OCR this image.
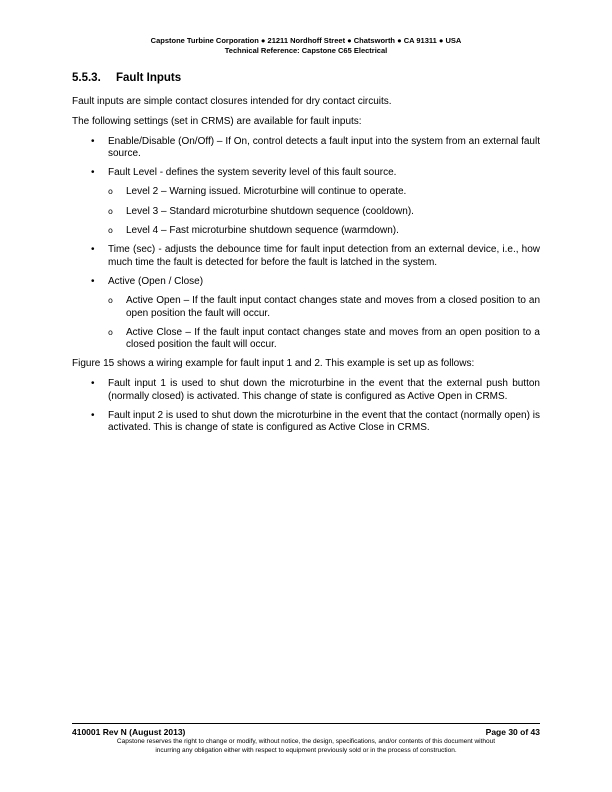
Capstone Turbine Corporation ● 21211 Nordhoff Street ● Chatsworth ● CA 91311 ● USA
Technical Reference: Capstone C65 Electrical
5.5.3. Fault Inputs

Fault inputs are simple contact closures intended for dry contact circuits.

The following settings (set in CRMS) are available for fault inputs:

• Enable/Disable (On/Off) – If On, control detects a fault input into the system from an external fault source.
• Fault Level - defines the system severity level of this fault source.
o Level 2 – Warning issued. Microturbine will continue to operate.
o Level 3 – Standard microturbine shutdown sequence (cooldown).
o Level 4 – Fast microturbine shutdown sequence (warmdown).
• Time (sec) - adjusts the debounce time for fault input detection from an external device, i.e., how much time the fault is detected for before the fault is latched in the system.
• Active (Open / Close)
o Active Open – If the fault input contact changes state and moves from a closed position to an open position the fault will occur.
o Active Close – If the fault input contact changes state and moves from an open position to a closed position the fault will occur.

Figure 15 shows a wiring example for fault input 1 and 2. This example is set up as follows:

• Fault input 1 is used to shut down the microturbine in the event that the external push button (normally closed) is activated. This change of state is configured as Active Open in CRMS.
• Fault input 2 is used to shut down the microturbine in the event that the contact (normally open) is activated. This is change of state is configured as Active Close in CRMS.
410001 Rev N (August 2013)	Page 30 of 43
Capstone reserves the right to change or modify, without notice, the design, specifications, and/or contents of this document without
incurring any obligation either with respect to equipment previously sold or in the process of construction.
